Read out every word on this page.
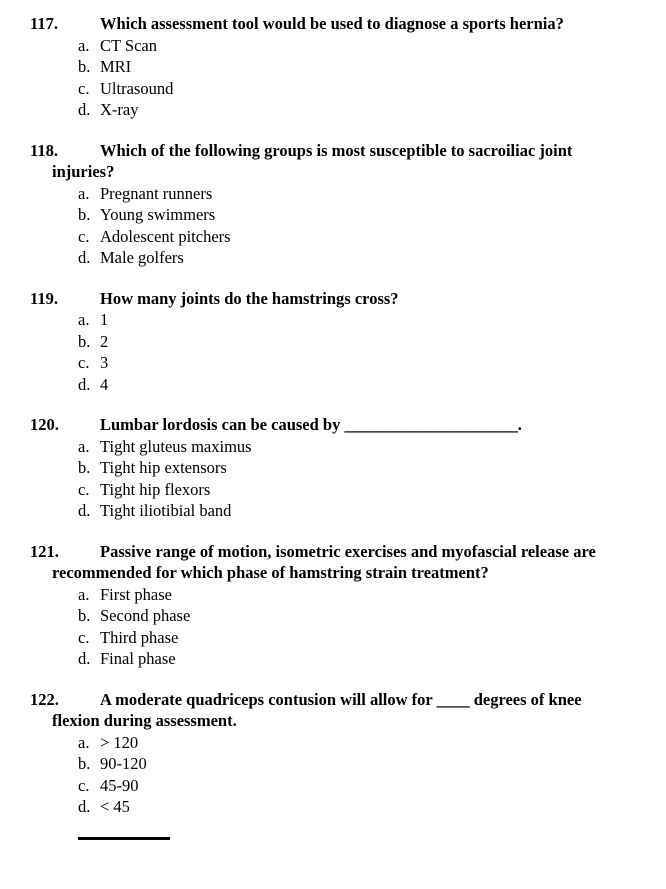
117.	Which assessment tool would be used to diagnose a sports hernia?
a. CT Scan
b. MRI
c. Ultrasound
d. X-ray
118.	Which of the following groups is most susceptible to sacroiliac joint injuries?
a. Pregnant runners
b. Young swimmers
c. Adolescent pitchers
d. Male golfers
119.	How many joints do the hamstrings cross?
a. 1
b. 2
c. 3
d. 4
120. Lumbar lordosis can be caused by _____________________.
a. Tight gluteus maximus
b. Tight hip extensors
c. Tight hip flexors
d. Tight iliotibial band
121. Passive range of motion, isometric exercises and myofascial release are recommended for which phase of hamstring strain treatment?
a. First phase
b. Second phase
c. Third phase
d. Final phase
122. A moderate quadriceps contusion will allow for ____ degrees of knee flexion during assessment.
a. > 120
b. 90-120
c. 45-90
d. < 45
